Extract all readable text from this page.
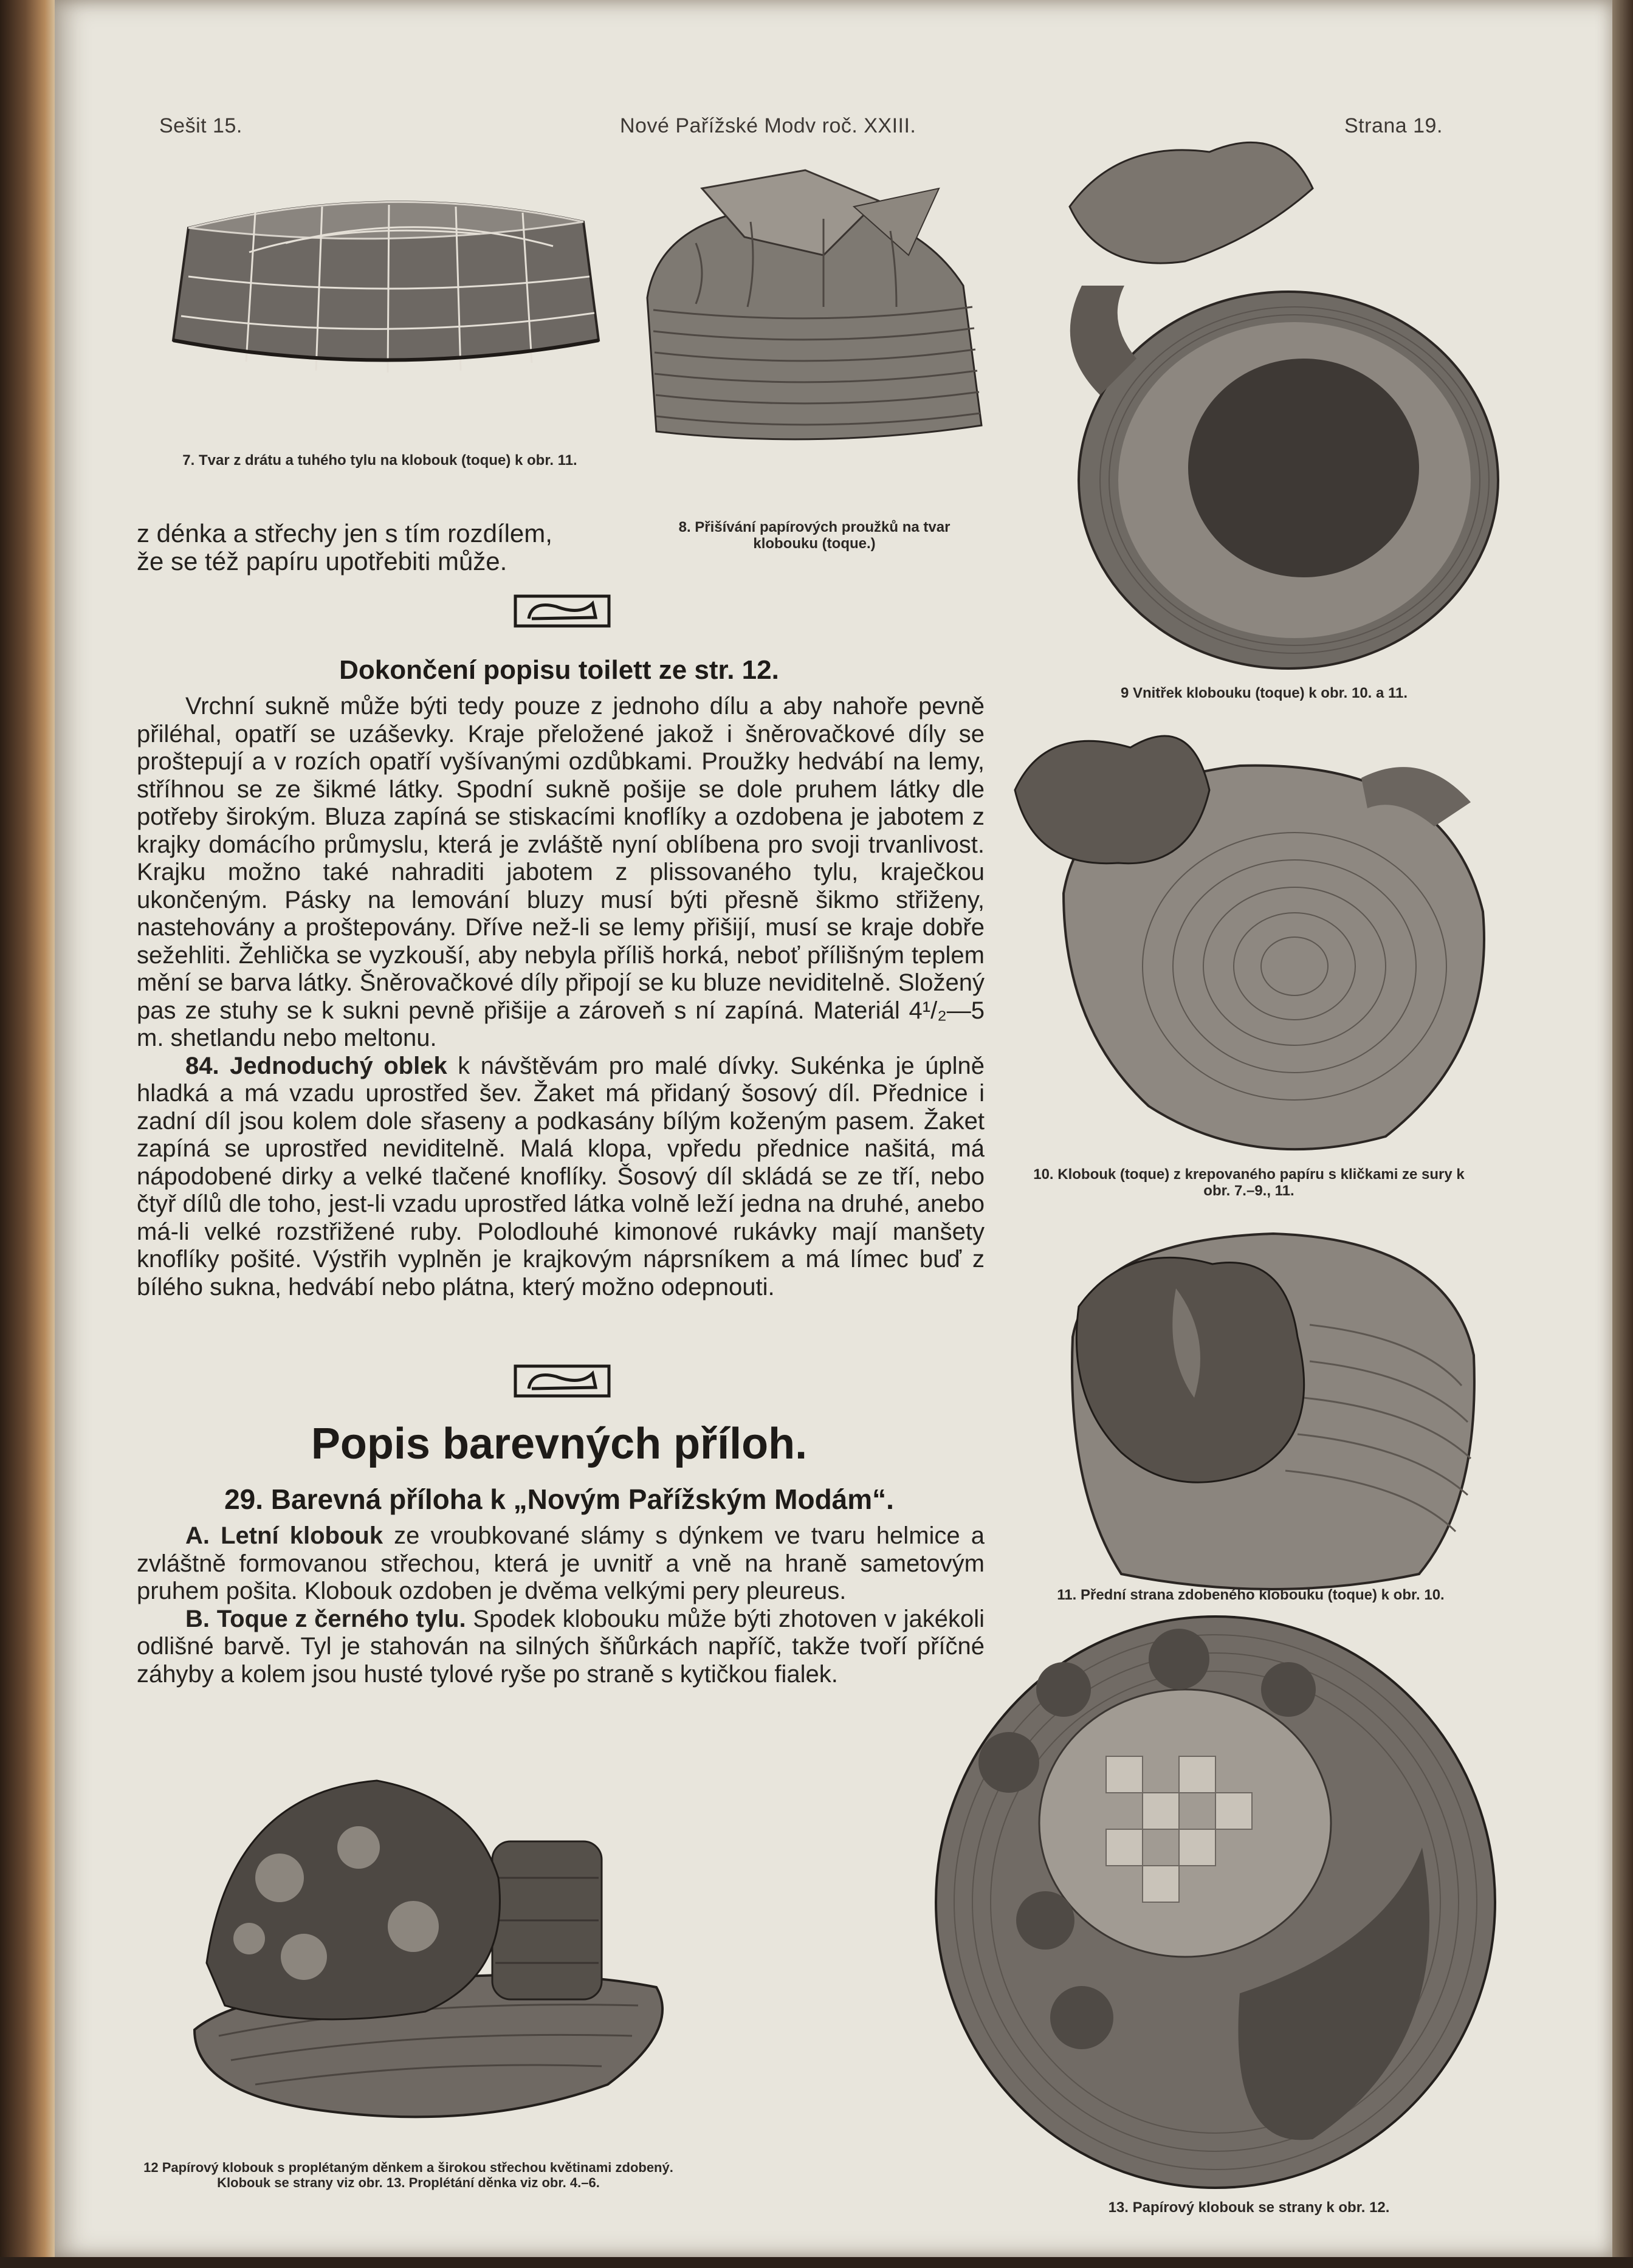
Sešit 15.	Nové Pařížské Modv roč. XXIII.	Strana 19.
7. Tvar z drátu a tuhého tylu na klobouk (toque) k obr. 11.
8. Přišívání papírových proužků na tvar klobouku (toque.)
9 Vnitřek klobouku (toque) k obr. 10. a 11.
10. Klobouk (toque) z krepovaného papíru s kličkami ze sury k obr. 7.–9., 11.
11. Přední strana zdobeného klobouku (toque) k obr. 10.
12 Papírový klobouk s proplétaným děnkem a širokou střechou květinami zdobený. Klobouk se strany viz obr. 13. Proplétání děnka viz obr. 4.–6.
13. Papírový klobouk se strany k obr. 12.

z dénka a střechy jen s tím rozdílem,

že se též papíru upotřebiti může.

Dokončení popisu toilett ze str. 12.

Vrchní sukně může býti tedy pouze z jednoho dílu a aby nahoře pevně přiléhal, opatří se uzáševky. Kraje přeložené jakož i šněrovačkové díly se proštepují a v rozích opatří vyšívanými ozdůbkami. Proužky hedvábí na lemy, stříhnou se ze šikmé látky. Spodní sukně pošije se dole pruhem látky dle potřeby širokým. Bluza zapíná se stiskacími knoflíky a ozdobena je jabotem z krajky domácího průmyslu, která je zvláště nyní oblíbena pro svoji trvanlivost. Krajku možno také nahraditi jabotem z plissovaného tylu, kraječkou ukončeným. Pásky na lemování bluzy musí býti přesně šikmo střiženy, nastehovány a proštepovány. Dříve než-li se lemy přišijí, musí se kraje dobře sežehliti. Žehlička se vyzkouší, aby nebyla příliš horká, neboť přílišným teplem mění se barva látky. Šněrovačkové díly připojí se ku bluze neviditelně. Složený pas ze stuhy se k sukni pevně přišije a zároveň s ní zapíná. Materiál 4¹/₂—5 m. shetlandu nebo meltonu.

84. Jednoduchý oblek k návštěvám pro malé dívky. Sukénka je úplně hladká a má vzadu uprostřed šev. Žaket má přidaný šosový díl. Přednice i zadní díl jsou kolem dole sřaseny a podkasány bílým koženým pasem. Žaket zapíná se uprostřed neviditelně. Malá klopa, vpředu přednice našitá, má nápodobené dirky a velké tlačené knoflíky. Šosový díl skládá se ze tří, nebo čtyř dílů dle toho, jest-li vzadu uprostřed látka volně leží jedna na druhé, anebo má-li velké rozstřižené ruby. Polodlouhé kimonové rukávky mají manšety knoflíky pošité. Výstřih vyplněn je krajkovým náprsníkem a má límec buď z bílého sukna, hedvábí nebo plátna, který možno odepnouti.

Popis barevných příloh.
29. Barevná příloha k „Novým Pařížským Modám“.

A. Letní klobouk ze vroubkované slámy s dýnkem ve tvaru helmice a zvláštně formovanou střechou, která je uvnitř a vně na hraně sametovým pruhem pošita. Klobouk ozdoben je dvěma velkými pery pleureus.

B. Toque z černého tylu. Spodek klobouku může býti zhotoven v jakékoli odlišné barvě. Tyl je stahován na silných šňůrkách napříč, takže tvoří příčné záhyby a kolem jsou husté tylové ryše po straně s kytičkou fialek.
